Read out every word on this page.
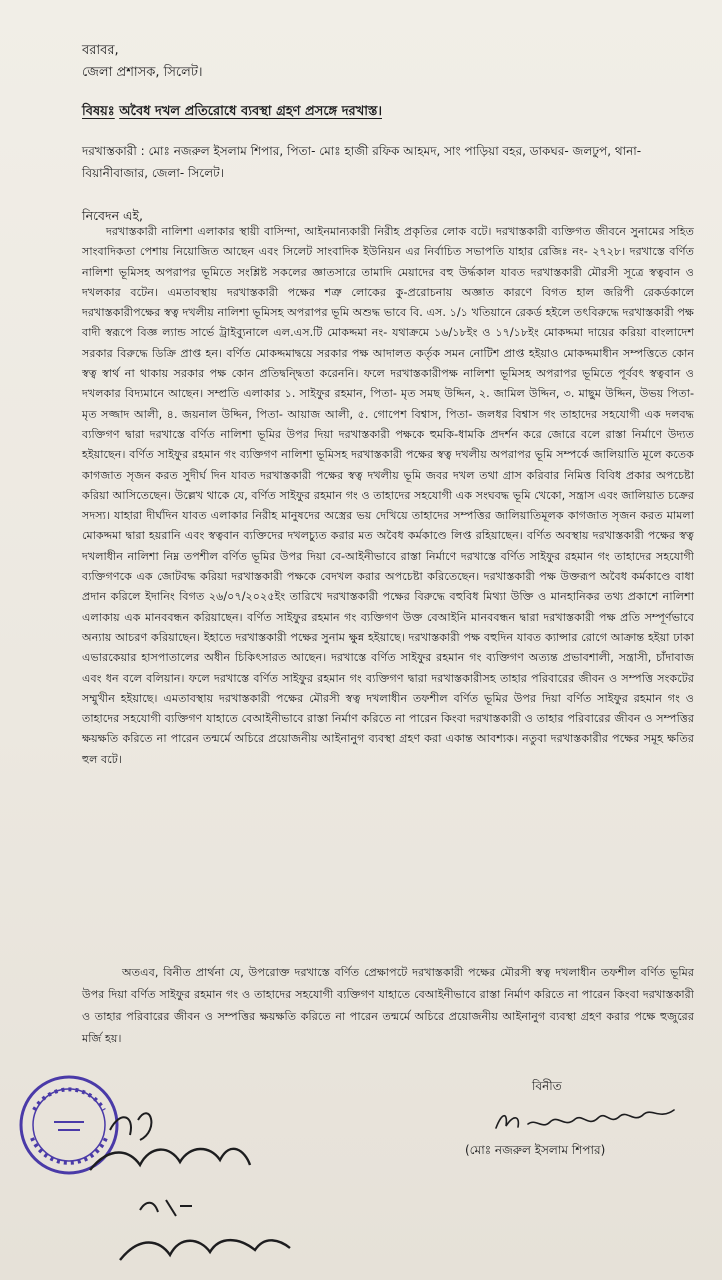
বরাবর,
জেলা প্রশাসক, সিলেট।
বিষয়ঃ অবৈধ দখল প্রতিরোধে ব্যবস্থা গ্রহণ প্রসঙ্গে দরখাস্ত।
দরখাস্তকারী : মোঃ নজরুল ইসলাম শিপার, পিতা- মোঃ হাজী রফিক আহমদ, সাং পাড়িয়া বহর, ডাকঘর- জলঢুপ, থানা- বিয়ানীবাজার, জেলা- সিলেট।
নিবেদন এই,

দরখাস্তকারী নালিশা এলাকার স্থায়ী বাসিন্দা, আইনমান্যকারী নিরীহ প্রকৃতির লোক বটে। দরখাস্তকারী ব্যক্তিগত জীবনে সুনামের সহিত সাংবাদিকতা পেশায় নিয়োজিত আছেন এবং সিলেট সাংবাদিক ইউনিয়ন এর নির্বাচিত সভাপতি যাহার রেজিঃ নং- ২৭২৮। দরখাস্তে বর্ণিত নালিশা ভূমিসহ অপরাপর ভূমিতে সংশ্লিষ্ট সকলের জ্ঞাতসারে তামাদি মেয়াদের বহু উর্দ্ধকাল যাবত দরখাস্তকারী মৌরসী সূত্রে স্বত্ববান ও দখলকার বটেন। এমতাবস্থায় দরখাস্তকারী পক্ষের শত্রু লোকের কু-প্ররোচনায় অজ্ঞাত কারণে বিগত হাল জরিপী রেকর্ডকালে দরখাস্তকারীপক্ষের স্বত্ব দখলীয় নালিশা ভূমিসহ অপরাপর ভূমি অশুদ্ধ ভাবে বি. এস. ১/১ খতিয়ানে রেকর্ড হইলে তৎবিরুদ্ধে দরখাস্তকারী পক্ষ বাদী স্বরূপে বিজ্ঞ ল্যান্ড সার্ভে ট্রাইব্যুনালে এল.এস.টি মোকদ্দমা নং- যথাক্রমে ১৬/১৮ইং ও ১৭/১৮ইং মোকদ্দমা দায়ের করিয়া বাংলাদেশ সরকার বিরুদ্ধে ডিক্রি প্রাপ্ত হন। বর্ণিত মোকদ্দমাদ্বয়ে সরকার পক্ষ আদালত কর্তৃক সমন নোটিশ প্রাপ্ত হইয়াও মোকদ্দমাধীন সম্পত্তিতে কোন স্বত্ব স্বার্থ না থাকায় সরকার পক্ষ কোন প্রতিদ্বন্দ্বিতা করেননি। ফলে দরখাস্তকারীপক্ষ নালিশা ভূমিসহ অপরাপর ভূমিতে পূর্ববৎ স্বত্ববান ও দখলকার বিদ্যমানে আছেন। সম্প্রতি এলাকার ১. সাইফুর রহমান, পিতা- মৃত সমছ উদ্দিন, ২. জামিল উদ্দিন, ৩. মাছুম উদ্দিন, উভয় পিতা- মৃত সজ্জাদ আলী, ৪. জয়নাল উদ্দিন, পিতা- আয়াজ আলী, ৫. গোপেশ বিশ্বাস, পিতা- জলধর বিশ্বাস গং তাহাদের সহযোগী এক দলবদ্ধ ব্যক্তিগণ দ্বারা দরখাস্তে বর্ণিত নালিশা ভূমির উপর দিয়া দরখাস্তকারী পক্ষকে হুমকি-ধামকি প্রদর্শন করে জোরে বলে রাস্তা নির্মাণে উদ্যত হইয়াছেন। বর্ণিত সাইফুর রহমান গং ব্যক্তিগণ নালিশা ভূমিসহ দরখাস্তকারী পক্ষের স্বত্ব দখলীয় অপরাপর ভূমি সম্পর্কে জালিয়াতি মূলে কতেক কাগজাত সৃজন করত সুদীর্ঘ দিন যাবত দরখাস্তকারী পক্ষের স্বত্ব দখলীয় ভূমি জবর দখল তথা গ্রাস করিবার নিমিত্ত বিবিধ প্রকার অপচেষ্টা করিয়া আসিতেছেন। উল্লেখ থাকে যে, বর্ণিত সাইফুর রহমান গং ও তাহাদের সহযোগী এক সংঘবদ্ধ ভূমি খেকো, সন্ত্রাস এবং জালিয়াত চক্রের সদস্য। যাহারা দীর্ঘদিন যাবত এলাকার নিরীহ মানুষদের অস্ত্রের ভয় দেখিয়ে তাহাদের সম্পত্তির জালিয়াতিমূলক কাগজাত সৃজন করত মামলা মোকদ্দমা দ্বারা হয়রানি এবং স্বত্ববান ব্যক্তিদের দখলচ্যুত করার মত অবৈধ কর্মকাণ্ডে লিপ্ত রহিয়াছেন। বর্ণিত অবস্থায় দরখাস্তকারী পক্ষের স্বত্ব দখলাধীন নালিশা নিম্ন তপশীল বর্ণিত ভূমির উপর দিয়া বে-আইনীভাবে রাস্তা নির্মাণে দরখাস্তে বর্ণিত সাইফুর রহমান গং তাহাদের সহযোগী ব্যক্তিগণকে এক জোটবদ্ধ করিয়া দরখাস্তকারী পক্ষকে বেদখল করার অপচেষ্টা করিতেছেন। দরখাস্তকারী পক্ষ উক্তরূপ অবৈধ কর্মকাণ্ডে বাধা প্রদান করিলে ইদানিং বিগত ২৬/০৭/২০২৫ইং তারিখে দরখাস্তকারী পক্ষের বিরুদ্ধে বহুবিধ মিথ্যা উক্তি ও মানহানিকর তথ্য প্রকাশে নালিশা এলাকায় এক মানববন্ধন করিয়াছেন। বর্ণিত সাইফুর রহমান গং ব্যক্তিগণ উক্ত বেআইনি মানববন্ধন দ্বারা দরখাস্তকারী পক্ষ প্রতি সম্পূর্ণভাবে অন্যায় আচরণ করিয়াছেন। ইহাতে দরখাস্তকারী পক্ষের সুনাম ক্ষুন্ন হইয়াছে। দরখাস্তকারী পক্ষ বহুদিন যাবত ক্যান্সার রোগে আক্রান্ত হইয়া ঢাকা এভারকেয়ার হাসপাতালের অধীন চিকিৎসারত আছেন। দরখাস্তে বর্ণিত সাইফুর রহমান গং ব্যক্তিগণ অত্যন্ত প্রভাবশালী, সন্ত্রাসী, চাঁদাবাজ এবং ধন বলে বলিয়ান। ফলে দরখাস্তে বর্ণিত সাইফুর রহমান গং ব্যক্তিগণ দ্বারা দরখাস্তকারীসহ তাহার পরিবারের জীবন ও সম্পত্তি সংকটের সম্মুখীন হইয়াছে। এমতাবস্থায় দরখাস্তকারী পক্ষের মৌরসী স্বত্ব দখলাধীন তফশীল বর্ণিত ভূমির উপর দিয়া বর্ণিত সাইফুর রহমান গং ও তাহাদের সহযোগী ব্যক্তিগণ যাহাতে বেআইনীভাবে রাস্তা নির্মাণ করিতে না পারেন কিংবা দরখাস্তকারী ও তাহার পরিবারের জীবন ও সম্পত্তির ক্ষয়ক্ষতি করিতে না পারেন তন্মর্মে অচিরে প্রয়োজনীয় আইনানুগ ব্যবস্থা গ্রহণ করা একান্ত আবশ্যক। নতুবা দরখাস্তকারীর পক্ষের সমূহ ক্ষতির হুল বটে।

অতএব, বিনীত প্রার্থনা যে, উপরোক্ত দরখাস্তে বর্ণিত প্রেক্ষাপটে দরখাস্তকারী পক্ষের মৌরসী স্বত্ব দখলাধীন তফশীল বর্ণিত ভূমির উপর দিয়া বর্ণিত সাইফুর রহমান গং ও তাহাদের সহযোগী ব্যক্তিগণ যাহাতে বেআইনীভাবে রাস্তা নির্মাণ করিতে না পারেন কিংবা দরখাস্তকারী ও তাহার পরিবারের জীবন ও সম্পত্তির ক্ষয়ক্ষতি করিতে না পারেন তন্মর্মে অচিরে প্রয়োজনীয় আইনানুগ ব্যবস্থা গ্রহণ করার পক্ষে হুজুরের মর্জি হয়।

বিনীত
(মোঃ নজরুল ইসলাম শিপার)
